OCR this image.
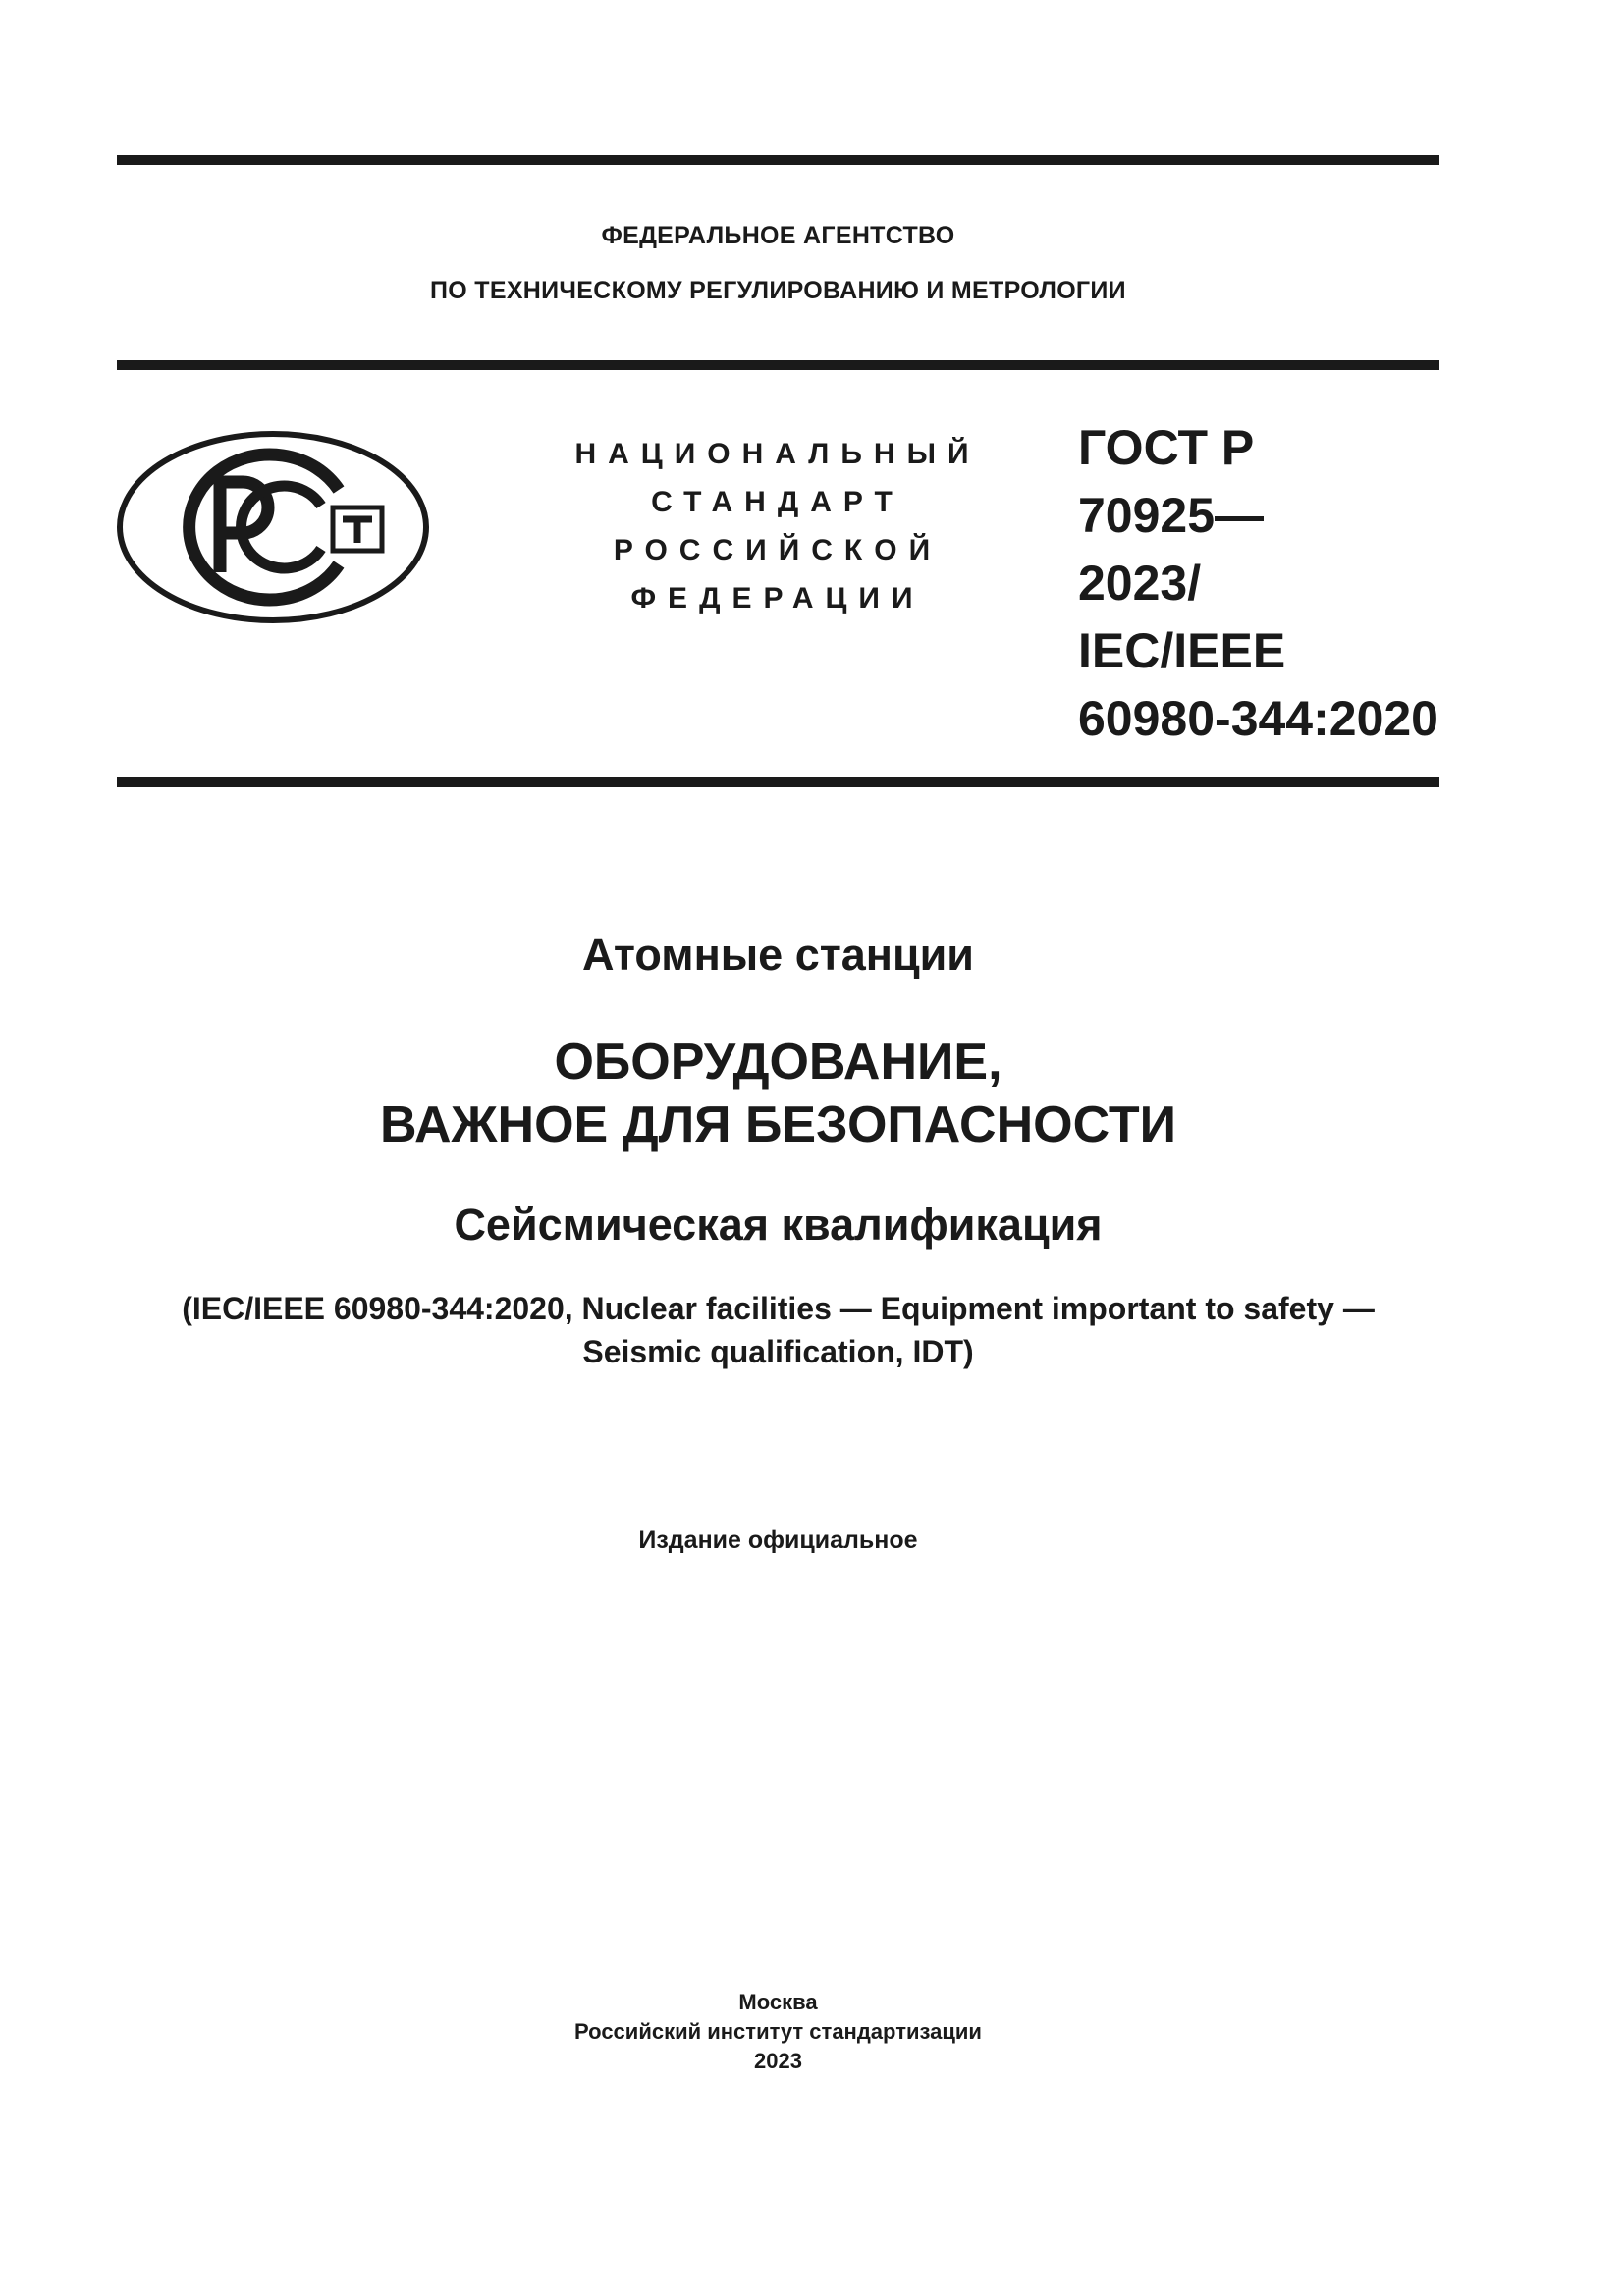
ФЕДЕРАЛЬНОЕ АГЕНТСТВО
ПО ТЕХНИЧЕСКОМУ РЕГУЛИРОВАНИЮ И МЕТРОЛОГИИ
НАЦИОНАЛЬНЫЙ
СТАНДАРТ
РОССИЙСКОЙ
ФЕДЕРАЦИИ
ГОСТ Р
70925—
2023/
IEC/IEEE
60980-344:2020
Атомные станции
ОБОРУДОВАНИЕ,
ВАЖНОЕ ДЛЯ БЕЗОПАСНОСТИ
Сейсмическая квалификация
(IEC/IEEE 60980-344:2020, Nuclear facilities — Equipment important to safety —
Seismic qualification, IDT)
Издание официальное
Москва
Российский институт стандартизации
2023
